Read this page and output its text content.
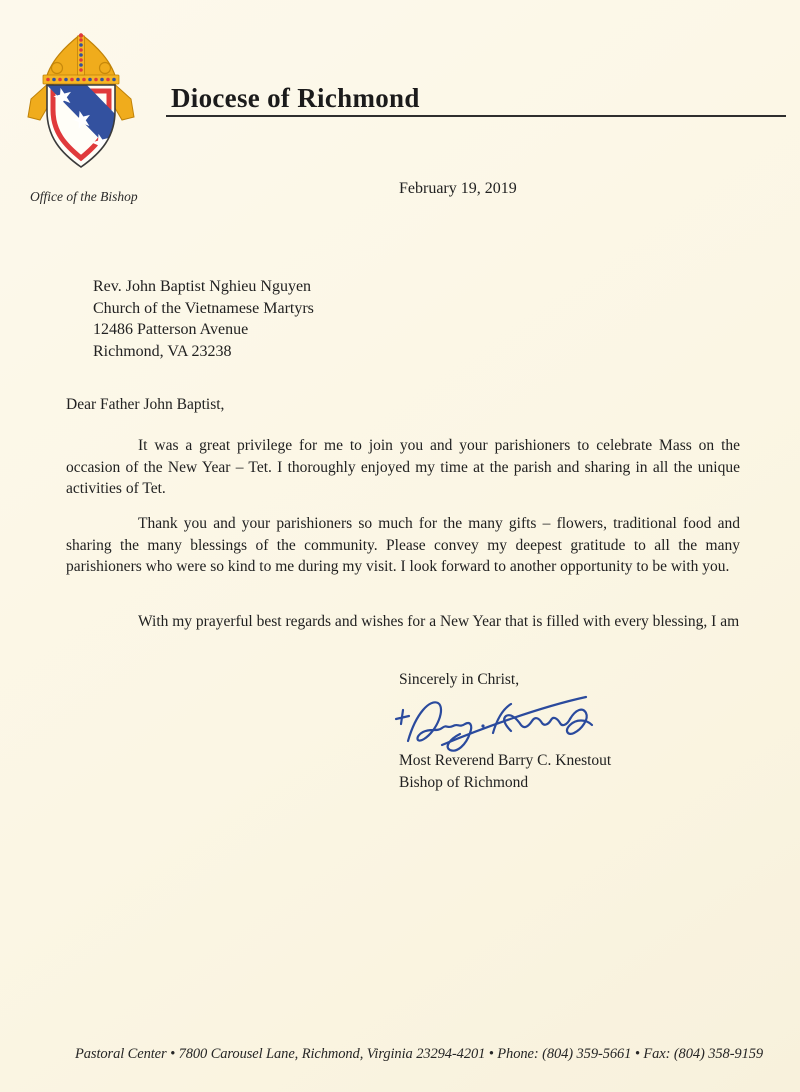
Diocese of Richmond
Office of the Bishop	February 19, 2019
Rev. John Baptist Nghieu Nguyen
Church of the Vietnamese Martyrs
12486 Patterson Avenue
Richmond, VA 23238
Dear Father John Baptist,

It was a great privilege for me to join you and your parishioners to celebrate Mass on the occasion of the New Year – Tet. I thoroughly enjoyed my time at the parish and sharing in all the unique activities of Tet.

Thank you and your parishioners so much for the many gifts – flowers, traditional food and sharing the many blessings of the community. Please convey my deepest gratitude to all the many parishioners who were so kind to me during my visit. I look forward to another opportunity to be with you.

With my prayerful best regards and wishes for a New Year that is filled with every blessing, I am

Sincerely in Christ,
Most Reverend Barry C. Knestout
Bishop of Richmond
Pastoral Center • 7800 Carousel Lane, Richmond, Virginia 23294-4201 • Phone: (804) 359-5661 • Fax: (804) 358-9159
